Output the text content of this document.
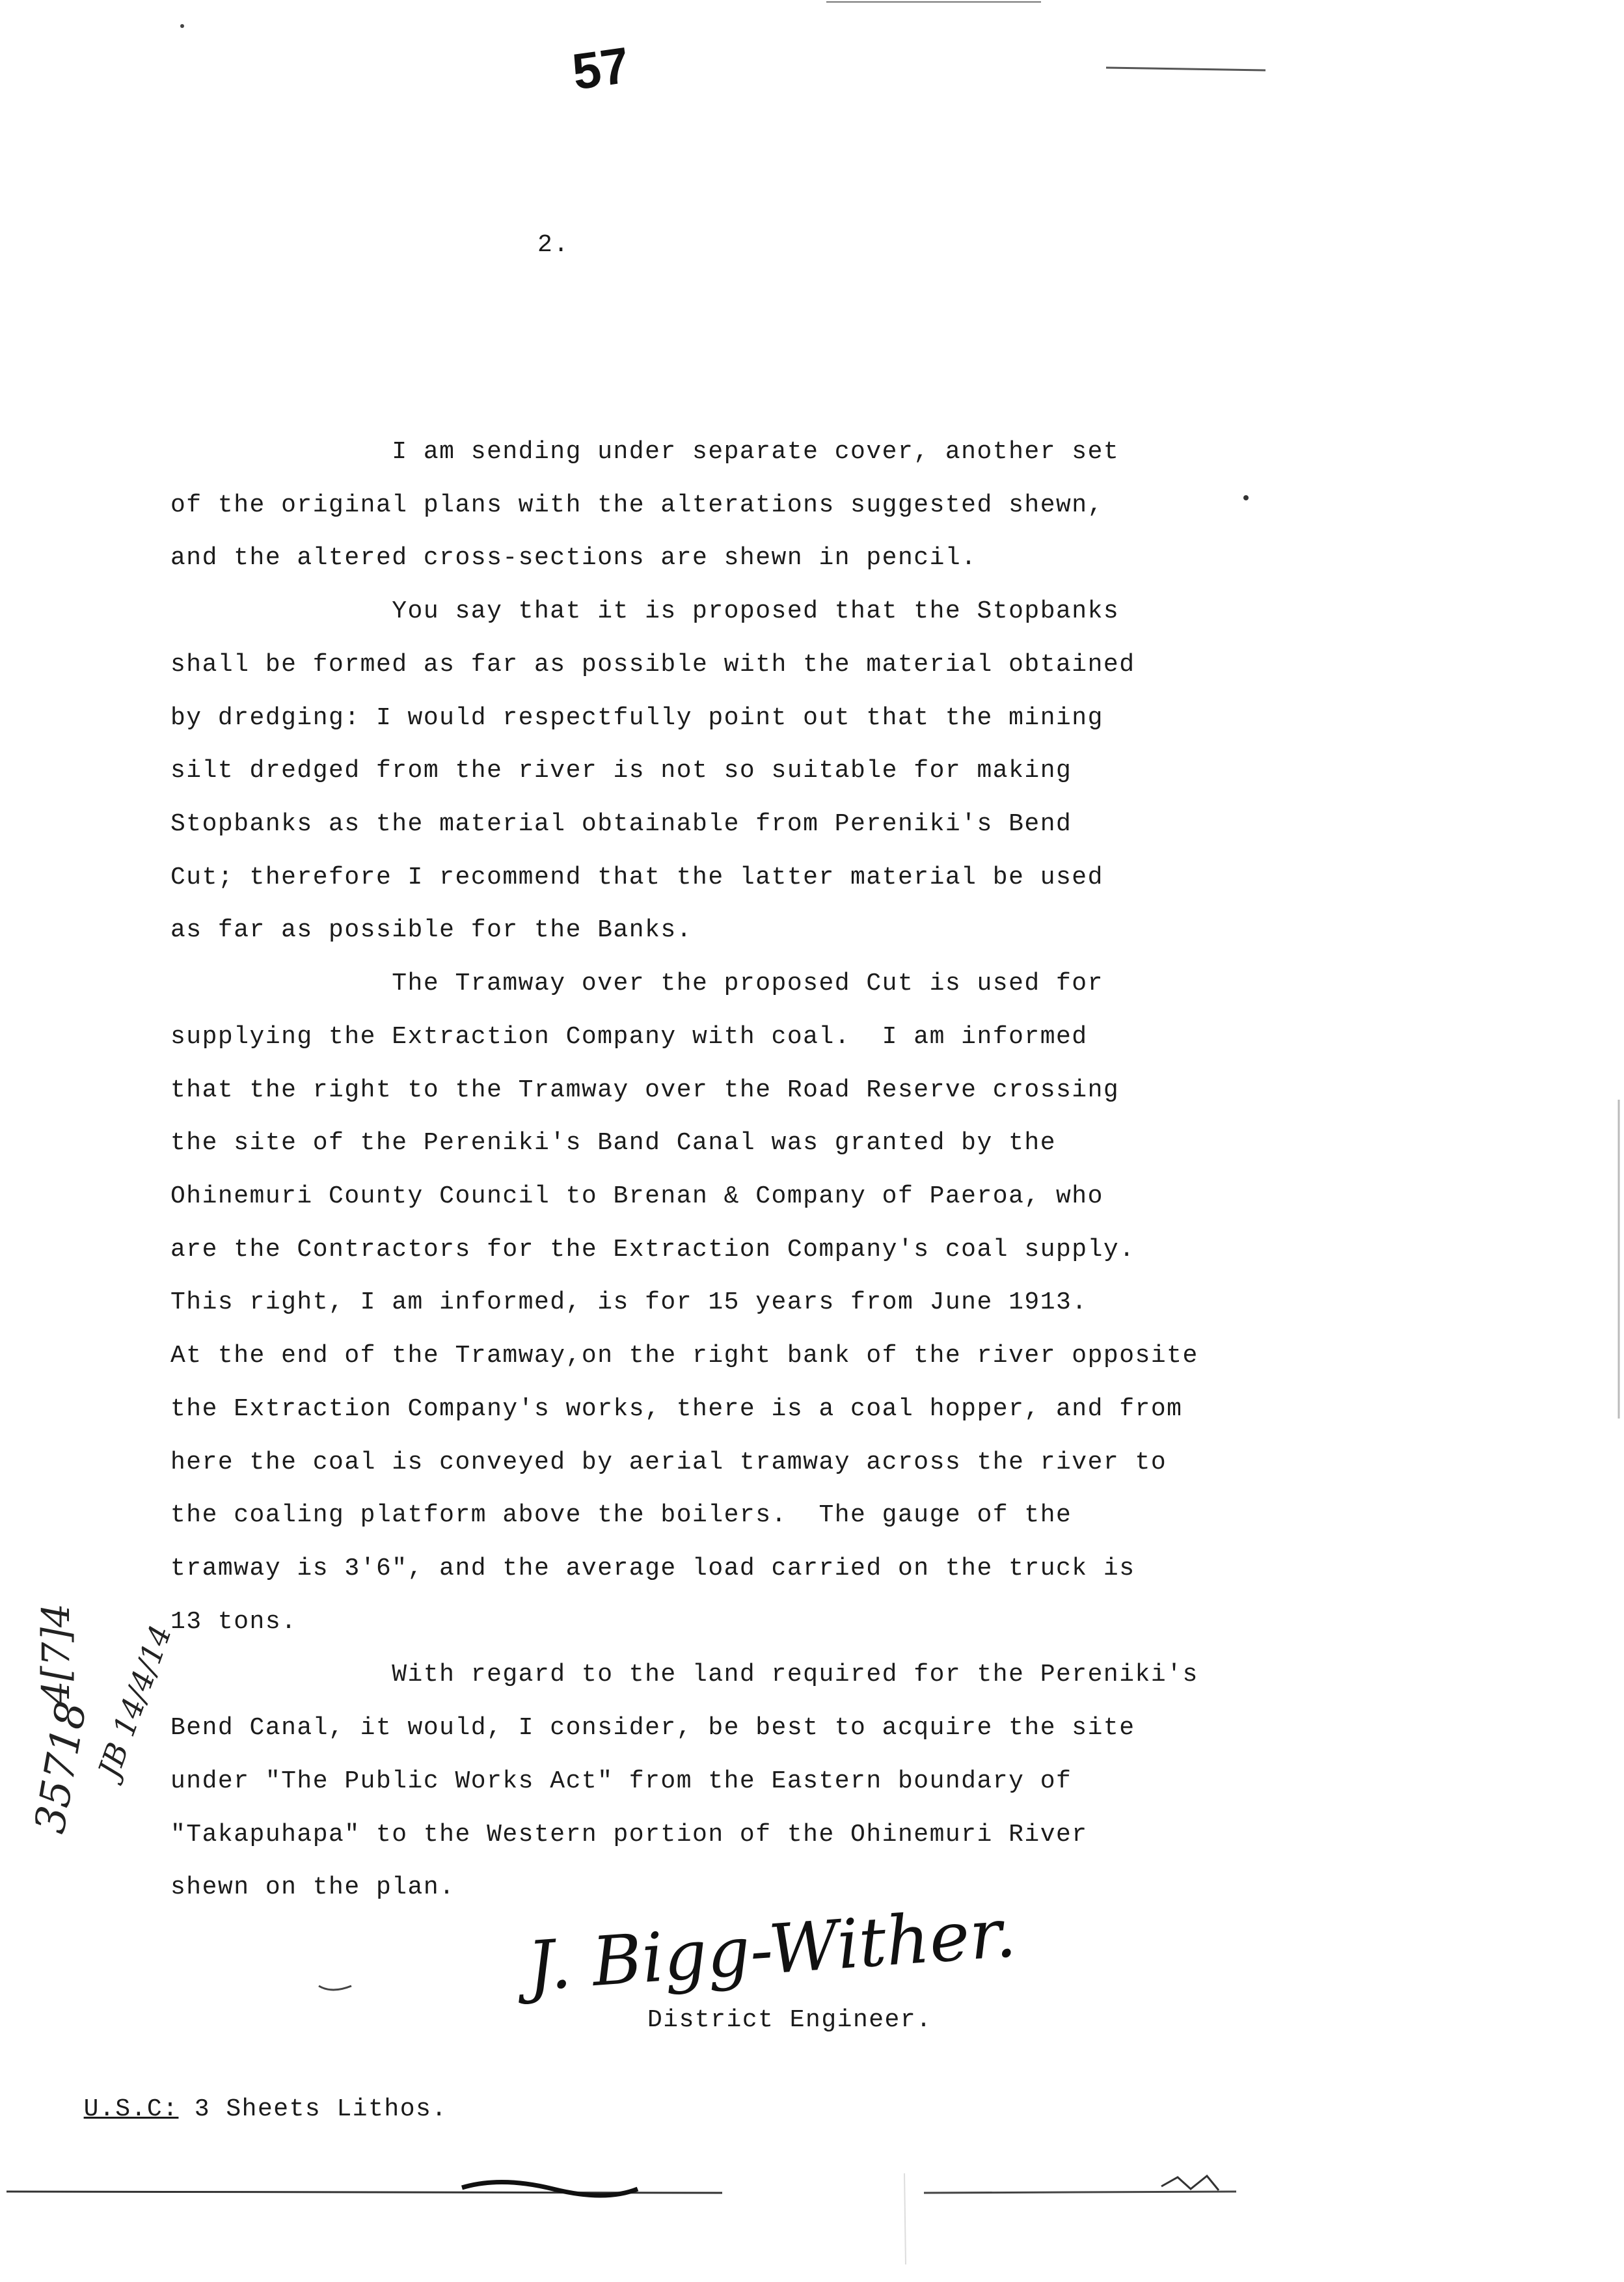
57
2.
I am sending under separate cover, another set
of the original plans with the alterations suggested shewn,
and the altered cross-sections are shewn in pencil.
You say that it is proposed that the Stopbanks
shall be formed as far as possible with the material obtained
by dredging: I would respectfully point out that the mining
silt dredged from the river is not so suitable for making
Stopbanks as the material obtainable from Pereniki's Bend
Cut; therefore I recommend that the latter material be used
as far as possible for the Banks.
The Tramway over the proposed Cut is used for
supplying the Extraction Company with coal.  I am informed
that the right to the Tramway over the Road Reserve crossing
the site of the Pereniki's Band Canal was granted by the
Ohinemuri County Council to Brenan & Company of Paeroa, who
are the Contractors for the Extraction Company's coal supply.
This right, I am informed, is for 15 years from June 1913.
At the end of the Tramway,on the right bank of the river opposite
the Extraction Company's works, there is a coal hopper, and from
here the coal is conveyed by aerial tramway across the river to
the coaling platform above the boilers.  The gauge of the
tramway is 3'6", and the average load carried on the truck is
13 tons.
With regard to the land required for the Pereniki's
Bend Canal, it would, I consider, be best to acquire the site
under "The Public Works Act" from the Eastern boundary of
"Takapuhapa" to the Western portion of the Ohinemuri River
shewn on the plan.
J. Bigg-Wither.
District Engineer.

U.S.C: 3 Sheets Lithos.

35718
4[7]4 JB 14/4/14
